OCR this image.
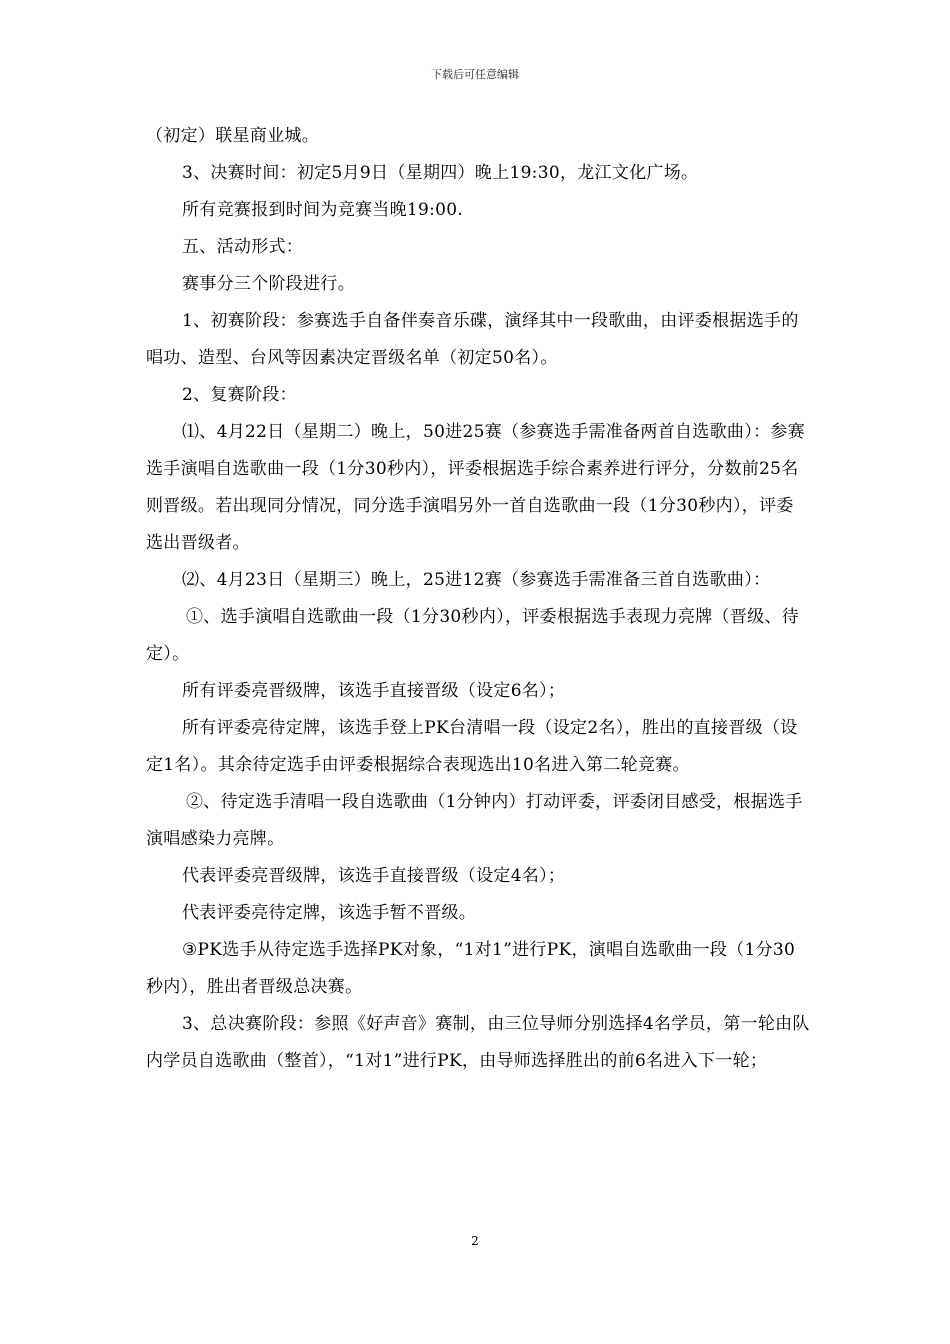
下载后可任意编辑

（初定）联星商业城。

3、决赛时间：初定5月9日（星期四）晚上19:30，龙江文化广场。

所有竞赛报到时间为竞赛当晚19:00.

五、活动形式：

赛事分三个阶段进行。

1、初赛阶段：参赛选手自备伴奏音乐碟，演绎其中一段歌曲，由评委根据选手的唱功、造型、台风等因素决定晋级名单（初定50名）。

2、复赛阶段：

⑴、4月22日（星期二）晚上，50进25赛（参赛选手需准备两首自选歌曲）：参赛选手演唱自选歌曲一段（1分30秒内），评委根据选手综合素养进行评分，分数前25名则晋级。若出现同分情况，同分选手演唱另外一首自选歌曲一段（1分30秒内），评委选出晋级者。

⑵、4月23日（星期三）晚上，25进12赛（参赛选手需准备三首自选歌曲）：

①、选手演唱自选歌曲一段（1分30秒内），评委根据选手表现力亮牌（晋级、待定）。

所有评委亮晋级牌，该选手直接晋级（设定6名）；

所有评委亮待定牌，该选手登上PK台清唱一段（设定2名），胜出的直接晋级（设定1名）。其余待定选手由评委根据综合表现选出10名进入第二轮竞赛。

②、待定选手清唱一段自选歌曲（1分钟内）打动评委，评委闭目感受，根据选手演唱感染力亮牌。

代表评委亮晋级牌，该选手直接晋级（设定4名）；

代表评委亮待定牌，该选手暂不晋级。

③PK选手从待定选手选择PK对象，“1对1”进行PK，演唱自选歌曲一段（1分30秒内），胜出者晋级总决赛。

3、总决赛阶段：参照《好声音》赛制，由三位导师分别选择4名学员，第一轮由队内学员自选歌曲（整首），“1对1”进行PK，由导师选择胜出的前6名进入下一轮；

2
